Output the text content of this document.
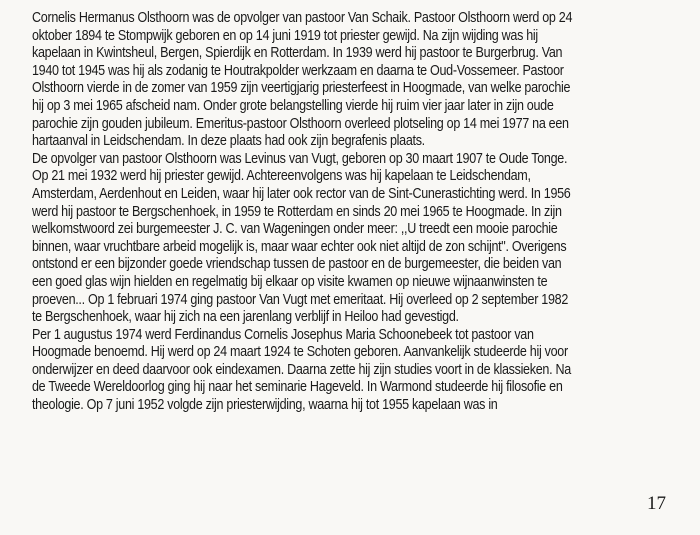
Cornelis Hermanus Olsthoorn was de opvolger van pastoor Van Schaik. Pastoor Olsthoorn werd op 24
oktober 1894 te Stompwijk geboren en op 14 juni 1919 tot priester gewijd. Na zijn wijding was hij
kapelaan in Kwintsheul, Bergen, Spierdijk en Rotterdam. In 1939 werd hij pastoor te Burgerbrug. Van
1940 tot 1945 was hij als zodanig te Houtrakpolder werkzaam en daarna te Oud-Vossemeer. Pastoor
Olsthoorn vierde in de zomer van 1959 zijn veertigjarig priesterfeest in Hoogmade, van welke parochie
hij op 3 mei 1965 afscheid nam. Onder grote belangstelling vierde hij ruim vier jaar later in zijn oude
parochie zijn gouden jubileum. Emeritus-pastoor Olsthoorn overleed plotseling op 14 mei 1977 na een
hartaanval in Leidschendam. In deze plaats had ook zijn begrafenis plaats.
De opvolger van pastoor Olsthoorn was Levinus van Vugt, geboren op 30 maart 1907 te Oude Tonge.
Op 21 mei 1932 werd hij priester gewijd. Achtereenvolgens was hij kapelaan te Leidschendam,
Amsterdam, Aerdenhout en Leiden, waar hij later ook rector van de Sint-Cunerastichting werd. In 1956
werd hij pastoor te Bergschenhoek, in 1959 te Rotterdam en sinds 20 mei 1965 te Hoogmade. In zijn
welkomstwoord zei burgemeester J. C. van Wageningen onder meer: ,,U treedt een mooie parochie
binnen, waar vruchtbare arbeid mogelijk is, maar waar echter ook niet altijd de zon schijnt". Overigens
ontstond er een bijzonder goede vriendschap tussen de pastoor en de burgemeester, die beiden van
een goed glas wijn hielden en regelmatig bij elkaar op visite kwamen op nieuwe wijnaanwinsten te
proeven... Op 1 februari 1974 ging pastoor Van Vugt met emeritaat. Hij overleed op 2 september 1982
te Bergschenhoek, waar hij zich na een jarenlang verblijf in Heiloo had gevestigd.
Per 1 augustus 1974 werd Ferdinandus Cornelis Josephus Maria Schoonebeek tot pastoor van
Hoogmade benoemd. Hij werd op 24 maart 1924 te Schoten geboren. Aanvankelijk studeerde hij voor
onderwijzer en deed daarvoor ook eindexamen. Daarna zette hij zijn studies voort in de klassieken. Na
de Tweede Wereldoorlog ging hij naar het seminarie Hageveld. In Warmond studeerde hij filosofie en
theologie. Op 7 juni 1952 volgde zijn priesterwijding, waarna hij tot 1955 kapelaan was in
17
